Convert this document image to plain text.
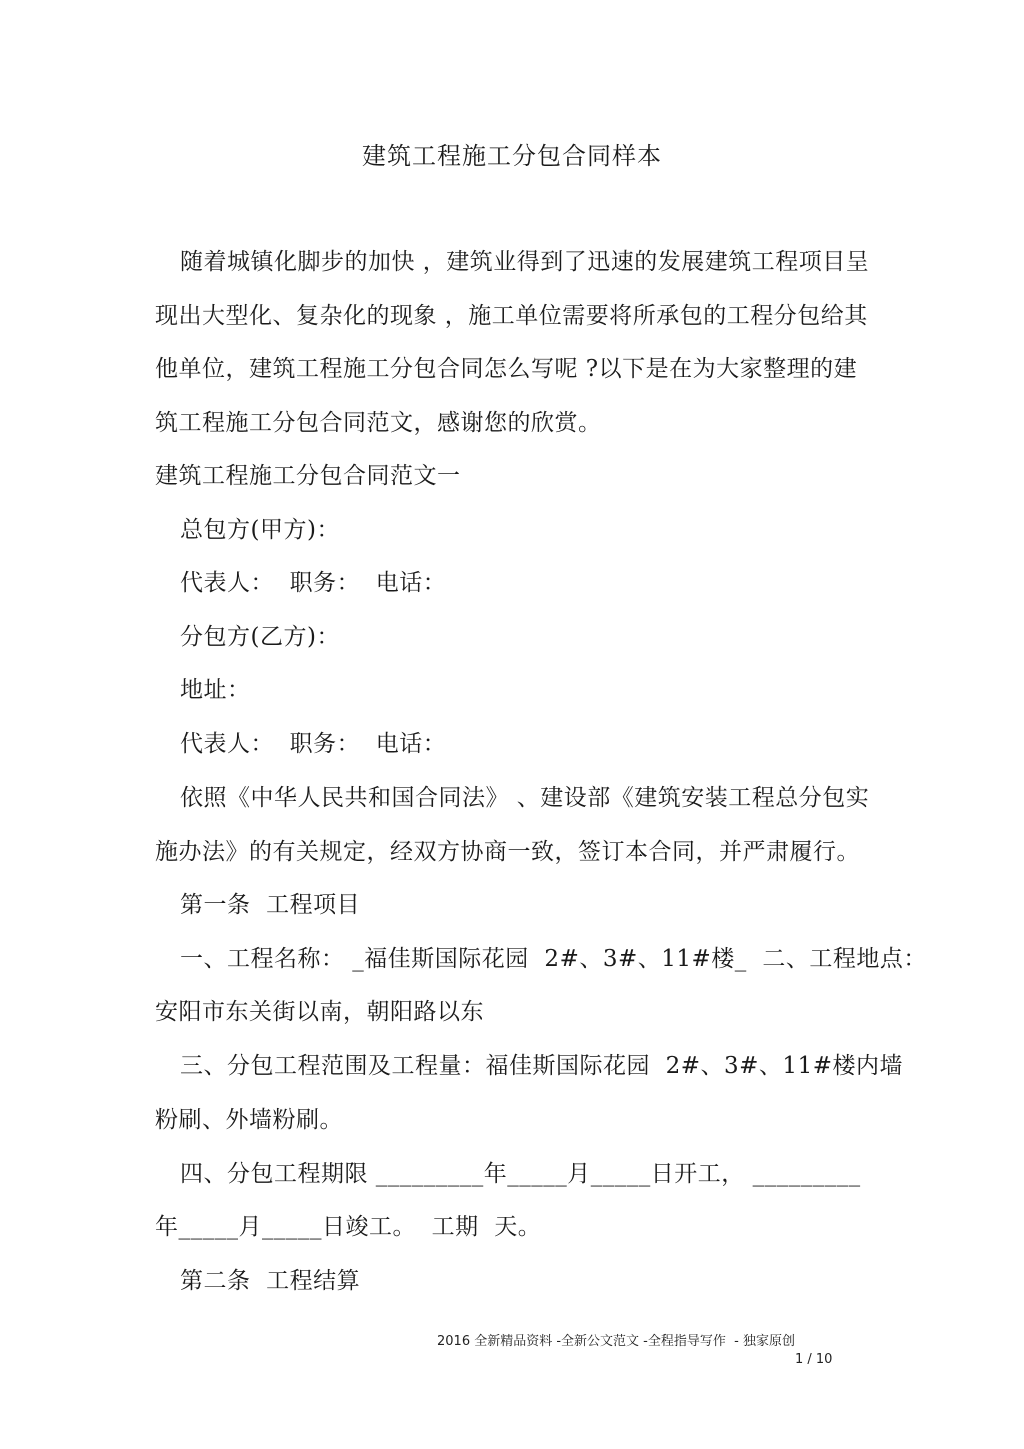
建筑工程施工分包合同样本
随着城镇化脚步的加快 ，建筑业得到了迅速的发展建筑工程项目呈
现出大型化、复杂化的现象 ，施工单位需要将所承包的工程分包给其
他单位，建筑工程施工分包合同怎么写呢 ?以下是在为大家整理的建
筑工程施工分包合同范文，感谢您的欣赏。
建筑工程施工分包合同范文一
总包方(甲方)：
代表人：  职务：  电话：
分包方(乙方)：
地址：
代表人：  职务：  电话：
依照《中华人民共和国合同法》 、建设部《建筑安装工程总分包实
施办法》的有关规定，经双方协商一致，签订本合同，并严肃履行。
第一条  工程项目
一、工程名称： _福佳斯国际花园  2#、3#、11#楼_  二、工程地点：
安阳市东关街以南，朝阳路以东
三、分包工程范围及工程量：福佳斯国际花园  2#、3#、11#楼内墙
粉刷、外墙粉刷。
四、分包工程期限 _________年_____月_____日开工， _________
年_____月_____日竣工。  工期  天。
第二条  工程结算
2016 全新精品资料 -全新公文范文 -全程指导写作  - 独家原创
1 / 10
